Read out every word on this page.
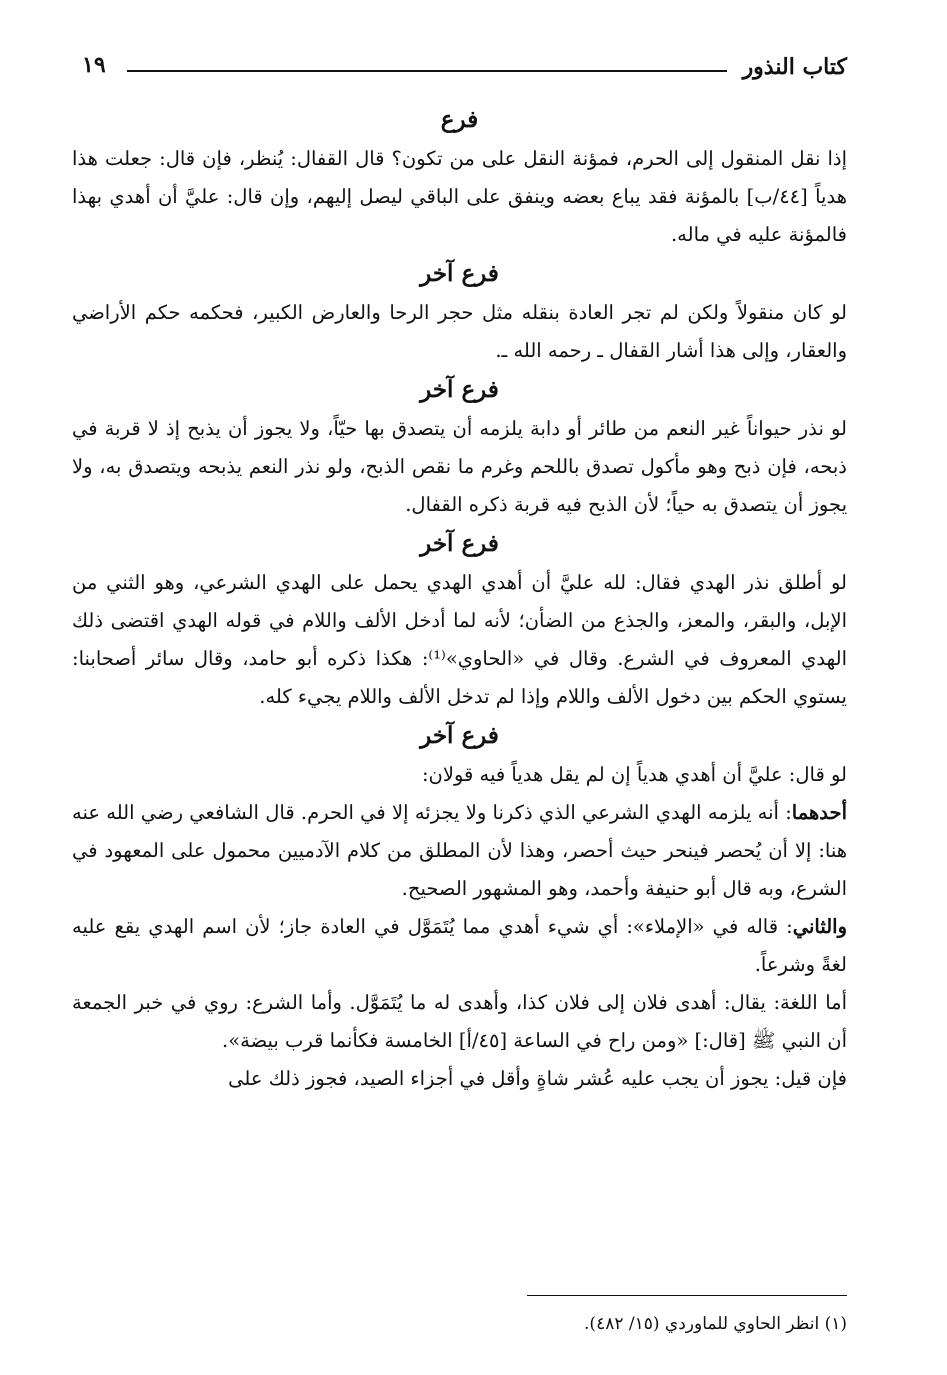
كتاب النذور
١٩
فرع

إذا نقل المنقول إلى الحرم، فمؤنة النقل على من تكون؟ قال القفال: يُنظر، فإن قال: جعلت هذا هدياً [٤٤/ب] بالمؤنة فقد يباع بعضه وينفق على الباقي ليصل إليهم، وإن قال: عليَّ أن أهدي بهذا فالمؤنة عليه في ماله.

فرع آخر

لو كان منقولاً ولكن لم تجر العادة بنقله مثل حجر الرحا والعارض الكبير، فحكمه حكم الأراضي والعقار، وإلى هذا أشار القفال ـ رحمه الله ـ.

فرع آخر

لو نذر حيواناً غير النعم من طائر أو دابة يلزمه أن يتصدق بها حيّاً، ولا يجوز أن يذبح إذ لا قربة في ذبحه، فإن ذبح وهو مأكول تصدق باللحم وغرم ما نقص الذبح، ولو نذر النعم يذبحه ويتصدق به، ولا يجوز أن يتصدق به حياً؛ لأن الذبح فيه قربة ذكره القفال.

فرع آخر

لو أطلق نذر الهدي فقال: لله عليَّ أن أهدي الهدي يحمل على الهدي الشرعي، وهو الثني من الإبل، والبقر، والمعز، والجذع من الضأن؛ لأنه لما أدخل الألف واللام في قوله الهدي اقتضى ذلك الهدي المعروف في الشرع. وقال في «الحاوي»⁽¹⁾: هكذا ذكره أبو حامد، وقال سائر أصحابنا: يستوي الحكم بين دخول الألف واللام وإذا لم تدخل الألف واللام يجيء كله.

فرع آخر

لو قال: عليَّ أن أهدي هدياً إن لم يقل هدياً فيه قولان:

أحدهما: أنه يلزمه الهدي الشرعي الذي ذكرنا ولا يجزئه إلا في الحرم. قال الشافعي رضي الله عنه هنا: إلا أن يُحصر فينحر حيث أحصر، وهذا لأن المطلق من كلام الآدميين محمول على المعهود في الشرع، وبه قال أبو حنيفة وأحمد، وهو المشهور الصحيح.

والثاني: قاله في «الإملاء»: أي شيء أهدي مما يُتَمَوَّل في العادة جاز؛ لأن اسم الهدي يقع عليه لغةً وشرعاً.

أما اللغة: يقال: أهدى فلان إلى فلان كذا، وأهدى له ما يُتَمَوَّل. وأما الشرع: روي في خبر الجمعة أن النبي ﷺ [قال:] «ومن راح في الساعة [٤٥/أ] الخامسة فكأنما قرب بيضة».

فإن قيل: يجوز أن يجب عليه عُشر شاةٍ وأقل في أجزاء الصيد، فجوز ذلك على

(١) انظر الحاوي للماوردي (١٥/ ٤٨٢).
